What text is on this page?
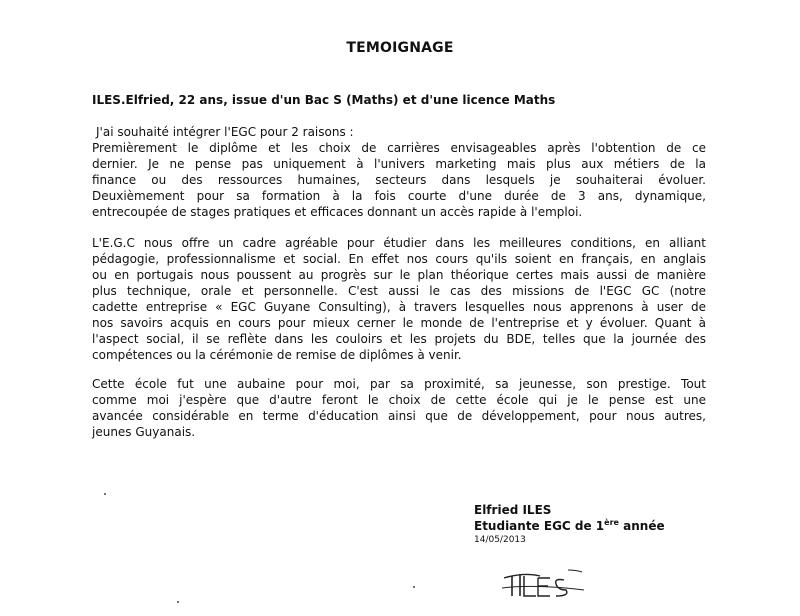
TEMOIGNAGE
ILES.Elfried, 22 ans, issue d'un Bac S (Maths) et d'une licence Maths
J'ai souhaité intégrer l'EGC pour 2 raisons :
Premièrement le diplôme et les choix de carrières envisageables après l'obtention de ce
dernier. Je ne pense pas uniquement à l'univers marketing mais plus aux métiers de la
finance ou des ressources humaines, secteurs dans lesquels je souhaiterai évoluer.
Deuxièmement pour sa formation à la fois courte d'une durée de 3 ans, dynamique,
entrecoupée de stages pratiques et efficaces donnant un accès rapide à l'emploi.
L'E.G.C nous offre un cadre agréable pour étudier dans les meilleures conditions, en alliant
pédagogie, professionnalisme et social. En effet nos cours qu'ils soient en français, en anglais
ou en portugais nous poussent au progrès sur le plan théorique certes mais aussi de manière
plus technique, orale et personnelle. C'est aussi le cas des missions de l'EGC GC (notre
cadette entreprise « EGC Guyane Consulting), à travers lesquelles nous apprenons à user de
nos savoirs acquis en cours pour mieux cerner le monde de l'entreprise et y évoluer. Quant à
l'aspect social, il se reflète dans les couloirs et les projets du BDE, telles que la journée des
compétences ou la cérémonie de remise de diplômes à venir.
Cette école fut une aubaine pour moi, par sa proximité, sa jeunesse, son prestige. Tout
comme moi j'espère que d'autre feront le choix de cette école qui je le pense est une
avancée considérable en terme d'éducation ainsi que de développement, pour nous autres,
jeunes Guyanais.
Elfried ILES
Etudiante EGC de 1ère année
14/05/2013
